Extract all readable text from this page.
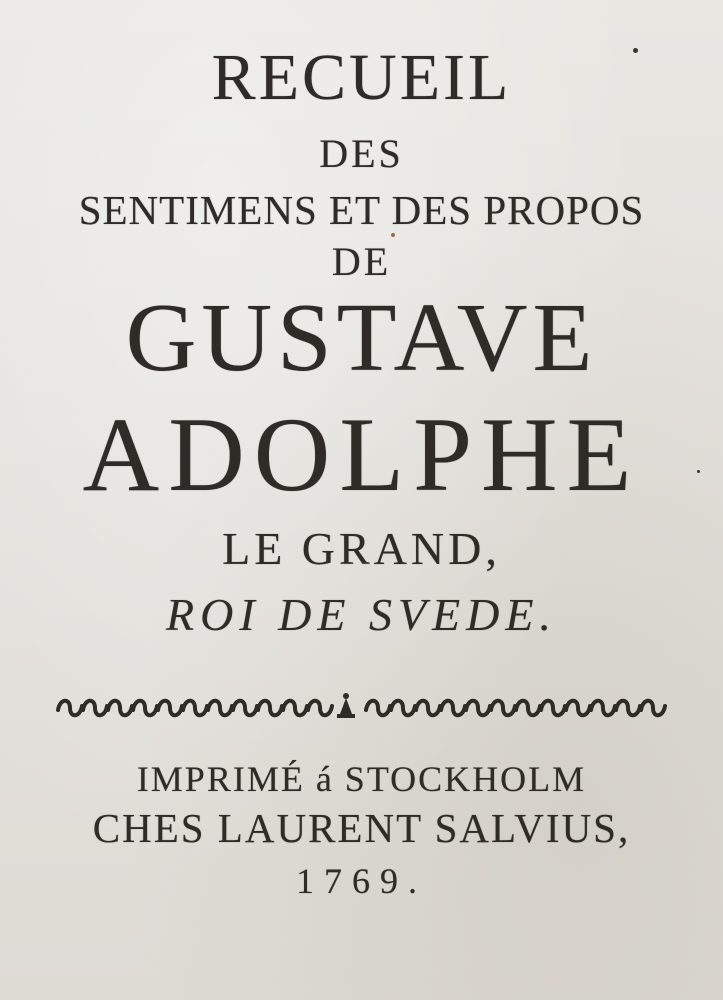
RECUEIL
DES
SENTIMENS ET DES PROPOS
DE
GUSTAVE
ADOLPHE
LE GRAND,
ROI DE SVEDE.
IMPRIMÉ á STOCKHOLM
CHES LAURENT SALVIUS,
1769.
